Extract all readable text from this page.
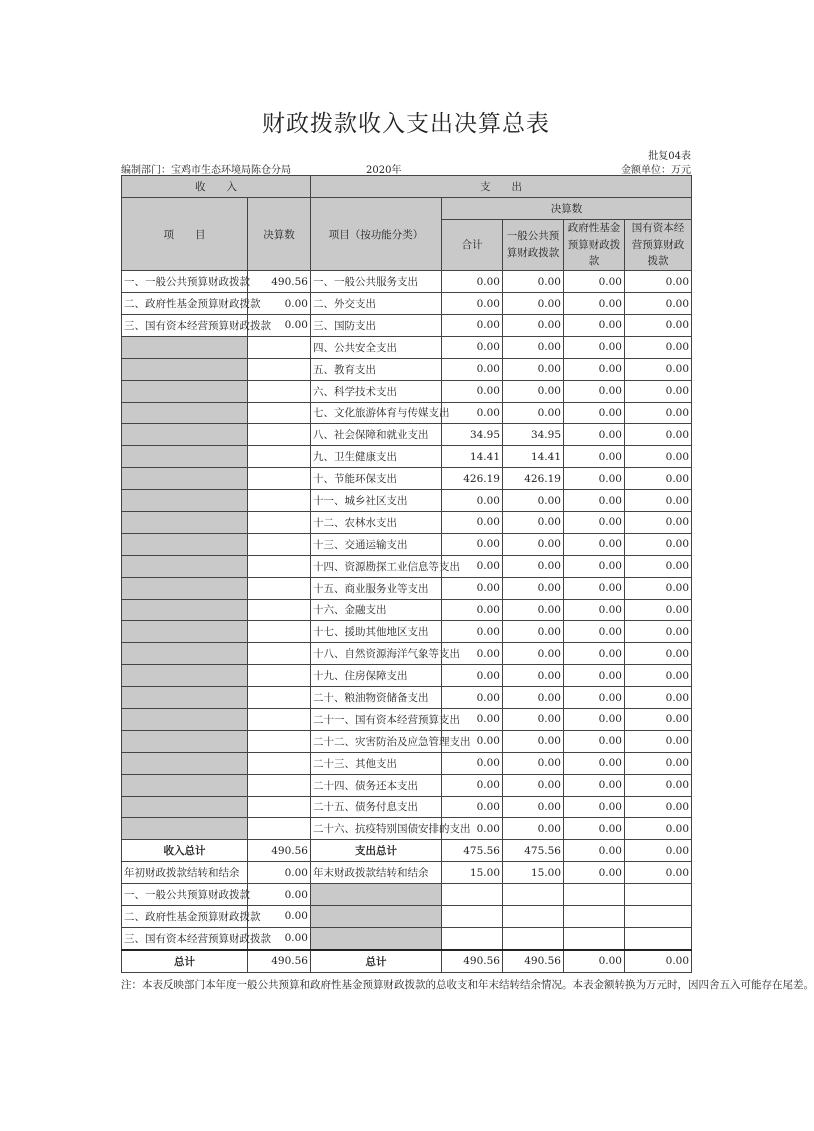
财政拨款收入支出决算总表
批复04表
编制部门：宝鸡市生态环境局陈仓分局	2020年	金额单位：万元
收　　入		支　　出				
项　　目	决算数	项目（按功能分类）	决算数			
			合计	一般公共预算财政拨款	政府性基金预算财政拨款	国有资本经营预算财政拨款

一、一般公共预算财政拨款	490.56	一、一般公共服务支出	0.00	0.00	0.00	0.00
二、政府性基金预算财政拨款	0.00	二、外交支出	0.00	0.00	0.00	0.00
三、国有资本经营预算财政拨款	0.00	三、国防支出	0.00	0.00	0.00	0.00
		四、公共安全支出	0.00	0.00	0.00	0.00
		五、教育支出	0.00	0.00	0.00	0.00
		六、科学技术支出	0.00	0.00	0.00	0.00
		七、文化旅游体育与传媒支出	0.00	0.00	0.00	0.00
		八、社会保障和就业支出	34.95	34.95	0.00	0.00
		九、卫生健康支出	14.41	14.41	0.00	0.00
		十、节能环保支出	426.19	426.19	0.00	0.00
		十一、城乡社区支出	0.00	0.00	0.00	0.00
		十二、农林水支出	0.00	0.00	0.00	0.00
		十三、交通运输支出	0.00	0.00	0.00	0.00
		十四、资源勘探工业信息等支出	0.00	0.00	0.00	0.00
		十五、商业服务业等支出	0.00	0.00	0.00	0.00
		十六、金融支出	0.00	0.00	0.00	0.00
		十七、援助其他地区支出	0.00	0.00	0.00	0.00
		十八、自然资源海洋气象等支出	0.00	0.00	0.00	0.00
		十九、住房保障支出	0.00	0.00	0.00	0.00
		二十、粮油物资储备支出	0.00	0.00	0.00	0.00
		二十一、国有资本经营预算支出	0.00	0.00	0.00	0.00
		二十二、灾害防治及应急管理支出	0.00	0.00	0.00	0.00
		二十三、其他支出	0.00	0.00	0.00	0.00
		二十四、债务还本支出	0.00	0.00	0.00	0.00
		二十五、债务付息支出	0.00	0.00	0.00	0.00
		二十六、抗疫特别国债安排的支出	0.00	0.00	0.00	0.00
收入总计	490.56	支出总计	475.56	475.56	0.00	0.00
年初财政拨款结转和结余	0.00	年末财政拨款结转和结余	15.00	15.00	0.00	0.00
一、一般公共预算财政拨款	0.00					
二、政府性基金预算财政拨款	0.00					
三、国有资本经营预算财政拨款	0.00					
总计	490.56	总计	490.56	490.56	0.00	0.00
注：本表反映部门本年度一般公共预算和政府性基金预算财政拨款的总收支和年末结转结余情况。本表金额转换为万元时，因四舍五入可能存在尾差。
